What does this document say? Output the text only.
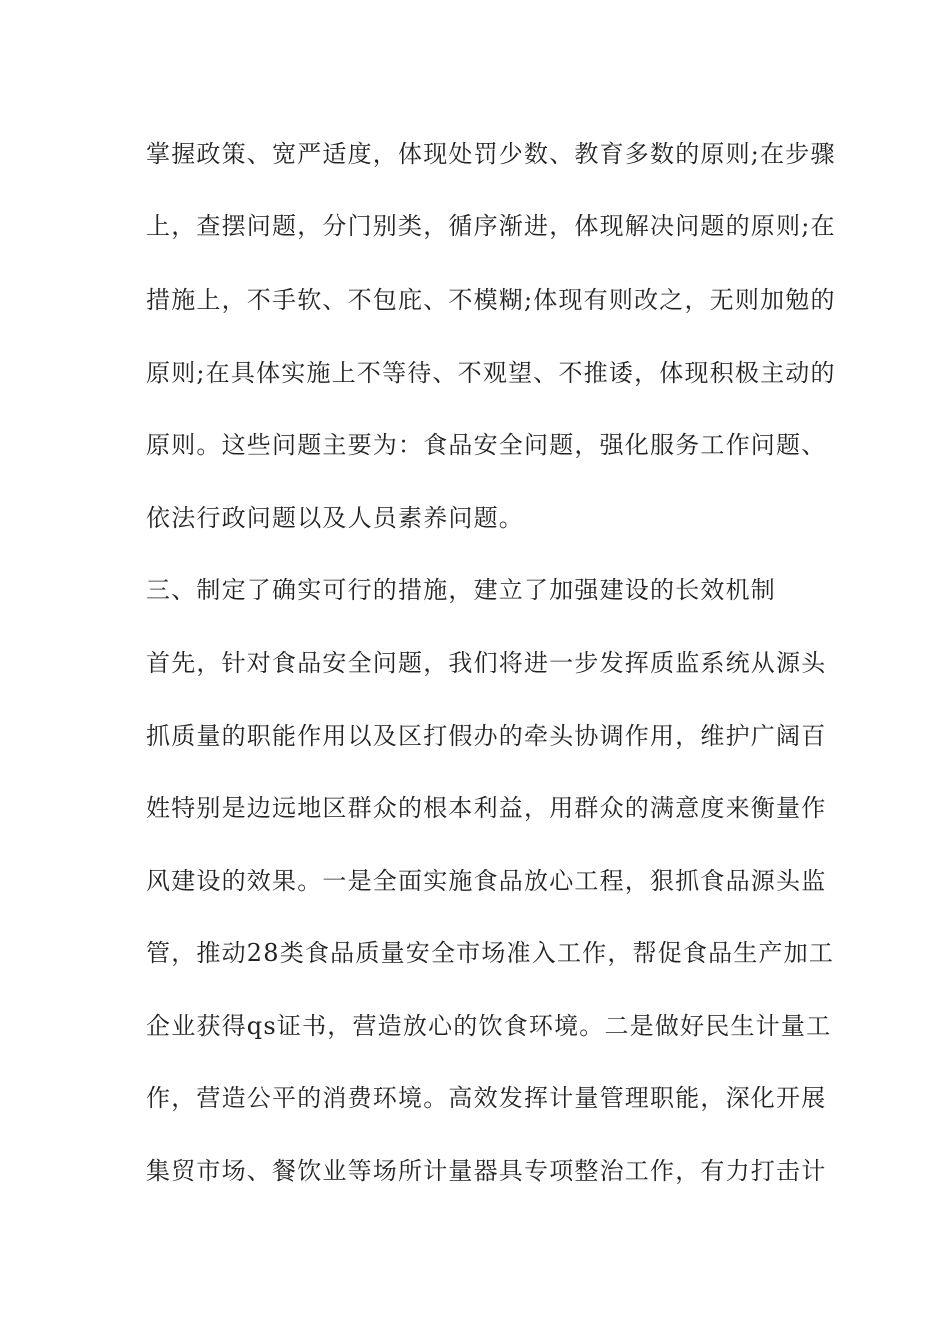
掌握政策、宽严适度，体现处罚少数、教育多数的原则;在步骤
上，查摆问题，分门别类，循序渐进，体现解决问题的原则;在
措施上，不手软、不包庇、不模糊;体现有则改之，无则加勉的
原则;在具体实施上不等待、不观望、不推诿，体现积极主动的
原则。这些问题主要为：食品安全问题，强化服务工作问题、
依法行政问题以及人员素养问题。
三、制定了确实可行的措施，建立了加强建设的长效机制
首先，针对食品安全问题，我们将进一步发挥质监系统从源头
抓质量的职能作用以及区打假办的牵头协调作用，维护广阔百
姓特别是边远地区群众的根本利益，用群众的满意度来衡量作
风建设的效果。一是全面实施食品放心工程，狠抓食品源头监
管，推动28类食品质量安全市场准入工作，帮促食品生产加工
企业获得qs证书，营造放心的饮食环境。二是做好民生计量工
作，营造公平的消费环境。高效发挥计量管理职能，深化开展
集贸市场、餐饮业等场所计量器具专项整治工作，有力打击计
